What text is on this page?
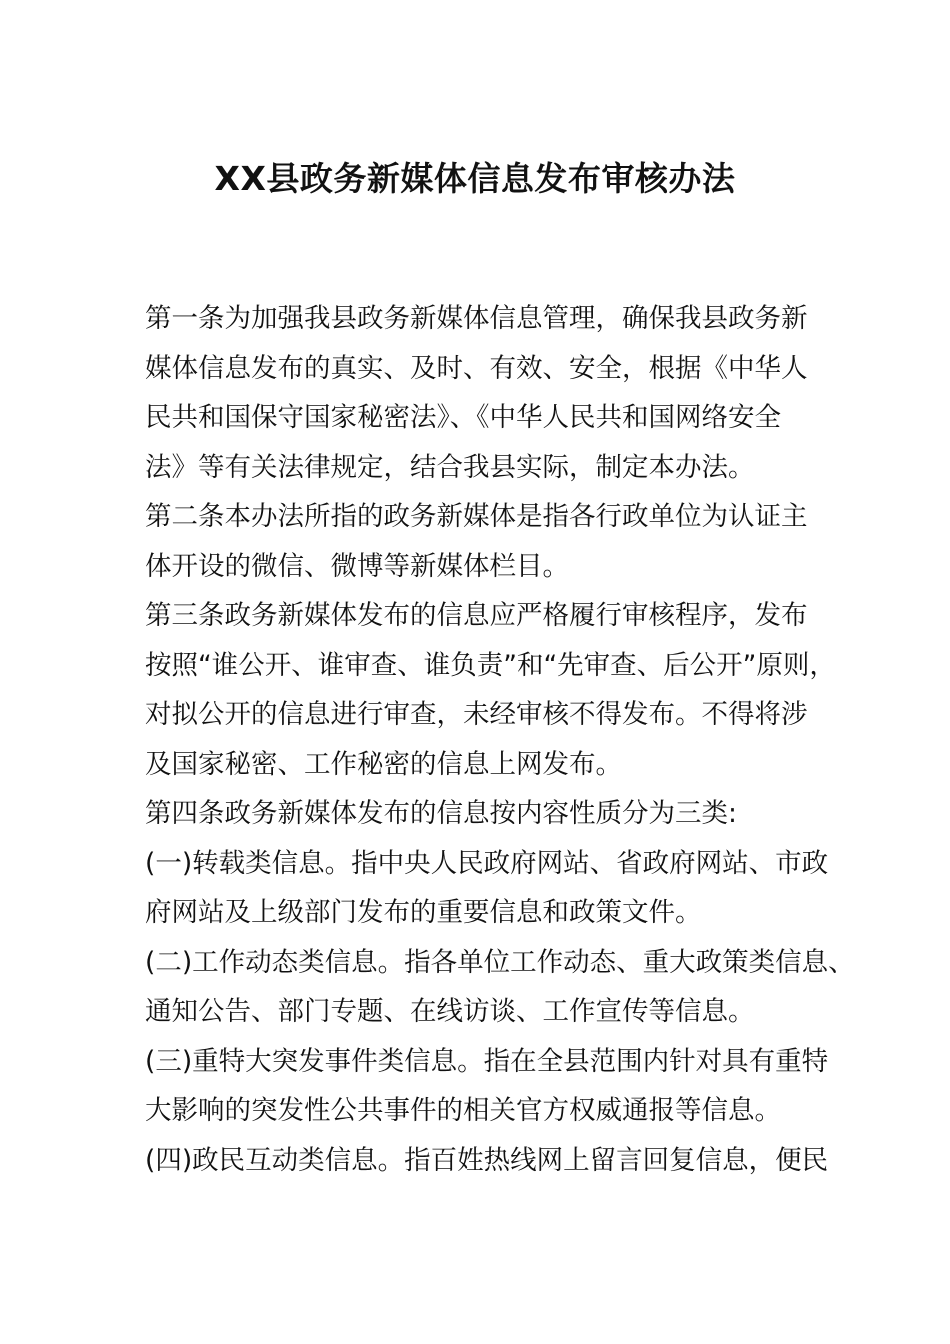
XX县政务新媒体信息发布审核办法
第一条为加强我县政务新媒体信息管理，确保我县政务新
媒体信息发布的真实、及时、有效、安全，根据《中华人
民共和国保守国家秘密法》、《中华人民共和国网络安全
法》等有关法律规定，结合我县实际，制定本办法。
第二条本办法所指的政务新媒体是指各行政单位为认证主
体开设的微信、微博等新媒体栏目。
第三条政务新媒体发布的信息应严格履行审核程序，发布
按照“谁公开、谁审查、谁负责”和“先审查、后公开”原则，
对拟公开的信息进行审查，未经审核不得发布。不得将涉
及国家秘密、工作秘密的信息上网发布。
第四条政务新媒体发布的信息按内容性质分为三类:
(一)转载类信息。指中央人民政府网站、省政府网站、市政
府网站及上级部门发布的重要信息和政策文件。
(二)工作动态类信息。指各单位工作动态、重大政策类信息、
通知公告、部门专题、在线访谈、工作宣传等信息。
(三)重特大突发事件类信息。指在全县范围内针对具有重特
大影响的突发性公共事件的相关官方权威通报等信息。
(四)政民互动类信息。指百姓热线网上留言回复信息，便民
